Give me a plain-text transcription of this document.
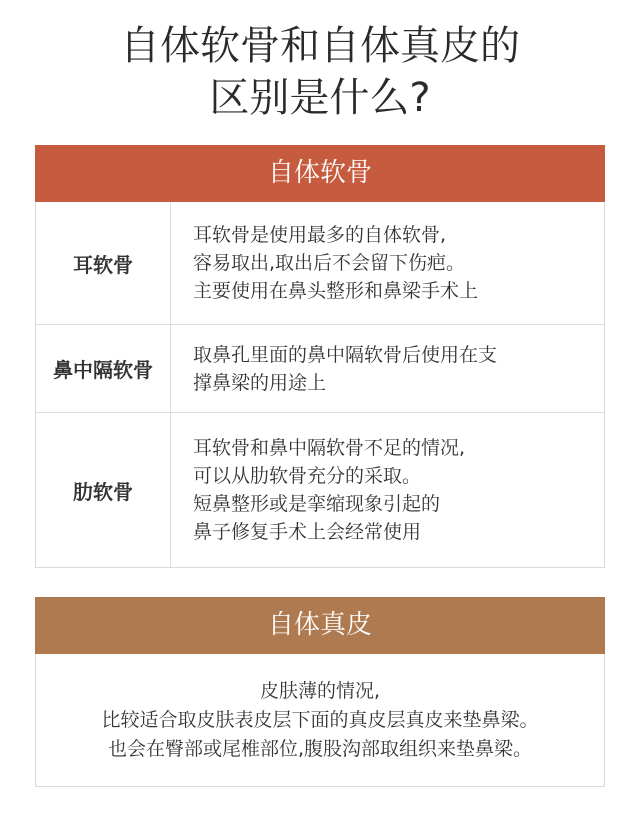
自体软骨和自体真皮的
区别是什么?
自体软骨
耳软骨
耳软骨是使用最多的自体软骨,
容易取出,取出后不会留下伤疤。
主要使用在鼻头整形和鼻梁手术上
鼻中隔软骨
取鼻孔里面的鼻中隔软骨后使用在支
撑鼻梁的用途上
肋软骨
耳软骨和鼻中隔软骨不足的情况,
可以从肋软骨充分的采取。
短鼻整形或是挛缩现象引起的
鼻子修复手术上会经常使用
自体真皮
皮肤薄的情况,
比较适合取皮肤表皮层下面的真皮层真皮来垫鼻梁。
也会在臀部或尾椎部位,腹股沟部取组织来垫鼻梁。
